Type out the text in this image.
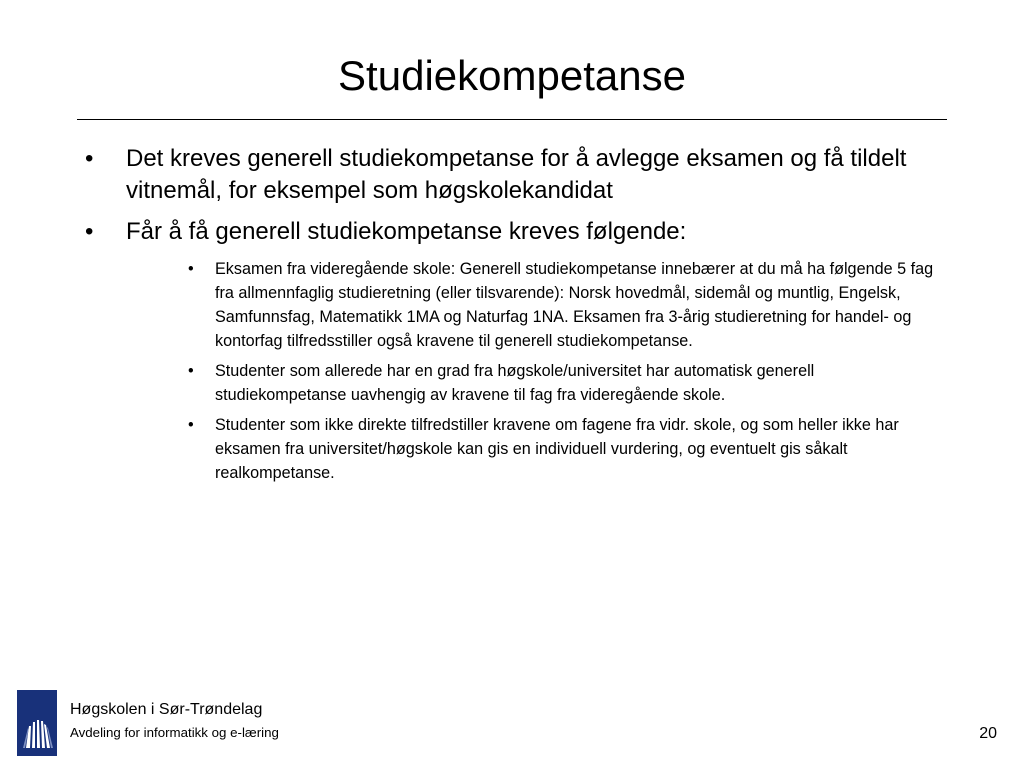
Studiekompetanse
• Det kreves generell studiekompetanse for å avlegge eksamen og få tildelt vitnemål, for eksempel som høgskolekandidat
• Får å få generell studiekompetanse kreves følgende:
• Eksamen fra videregående skole: Generell studiekompetanse innebærer at du må ha følgende 5 fag fra allmennfaglig studieretning (eller tilsvarende): Norsk hovedmål, sidemål og muntlig, Engelsk, Samfunnsfag, Matematikk 1MA og Naturfag 1NA. Eksamen fra 3-årig studieretning for handel- og kontorfag tilfredsstiller også kravene til generell studiekompetanse.
• Studenter som allerede har en grad fra høgskole/universitet har automatisk generell studiekompetanse uavhengig av kravene til fag fra videregående skole.
• Studenter som ikke direkte tilfredstiller kravene om fagene fra vidr. skole, og som heller ikke har eksamen fra universitet/høgskole kan gis en individuell vurdering, og eventuelt gis såkalt realkompetanse.
Høgskolen i Sør-Trøndelag
Avdeling for informatikk og e-læring	20
